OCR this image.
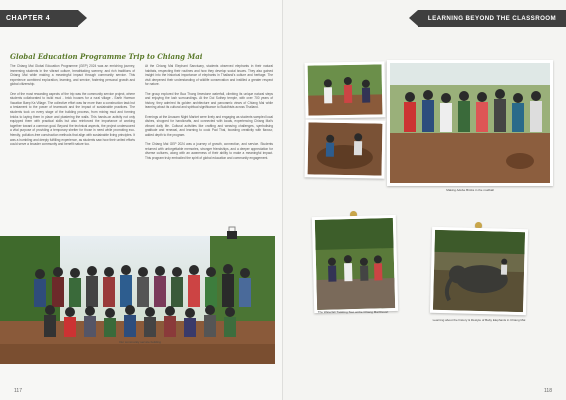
CHAPTER 4
Global Education Programme Trip to Chiang Mai
The Chiang Mai Global Education Programme (GEP) 2024 was an enriching journey, immersing students in the vibrant culture, breathtaking scenery, and rich traditions of Chiang Mai while making a meaningful impact through community service. This experience combined exploration, learning, and service, fostering personal growth and global citizenship.

One of the most rewarding aspects of the trip was the community service project, where students collaborated to build mud - brick houses for a rural village - Earth Harmon Vacation Baep Ka Village. The collective effort was far more than a construction task but a testament to the power of teamwork and the impact of sustainable practices. The students took on every stage of the building process, from mixing mud and forming bricks to laying them in place and plastering the walls. This hands-on activity not only equipped them with practical skills but also reinforced the importance of working together toward a common goal. Beyond the technical aspects, the project underscored a vital purpose of providing a temporary shelter for those in need while promoting eco-friendly, pollution-free construction methods that align with sustainable living principles. It was a humbling and deeply fulfilling experience, as students saw how their united efforts could serve a broader community and benefit nature too.
At the Chiang Mai Elephant Sanctuary, students observed elephants in their natural habitats, respecting their routines and how they develop social issues. They also gained insight into the historical importance of elephants in Thailand's culture and heritage. The visit deepened their understanding of wildlife conservation and instilled a greater respect for nature.

The group explored the Bua Thong limestone waterfall, climbing its unique natural steps and enjoying the lush surroundings. At the Doi Suthep temple, with over 700 years of history, they admired its golden architecture and panoramic views of Chiang Mai while learning about its cultural and spiritual significance to Buddhists across Thailand.

Evenings at the Anusarn Night Market were lively and engaging as students sampled local dishes, shopped for handicrafts, and connected with locals, experiencing Chiang Mai's vibrant daily life. Cultural activities like crafting and weaving challenges, symbolising gratitude and renewal, and learning to cook Pad Thai, boosting creativity with flavour, added depth to the program.

The Chiang Mai GEP 2024 was a journey of growth, connection, and service. Students returned with unforgettable memories, stronger friendships, and a deeper appreciation for diverse cultures, along with an awareness of their ability to make a meaningful impact. This program truly embodied the spirit of global education and community engagement.
Our community service building
117
LEARNING BEYOND THE CLASSROOM
Making Adobe Bricks in the mudball
The Waterfall Trekking Tour at the Chiang Mai Resort
Learning about the history & lifestyle of Baby Elephants in Chiang Mai
118
